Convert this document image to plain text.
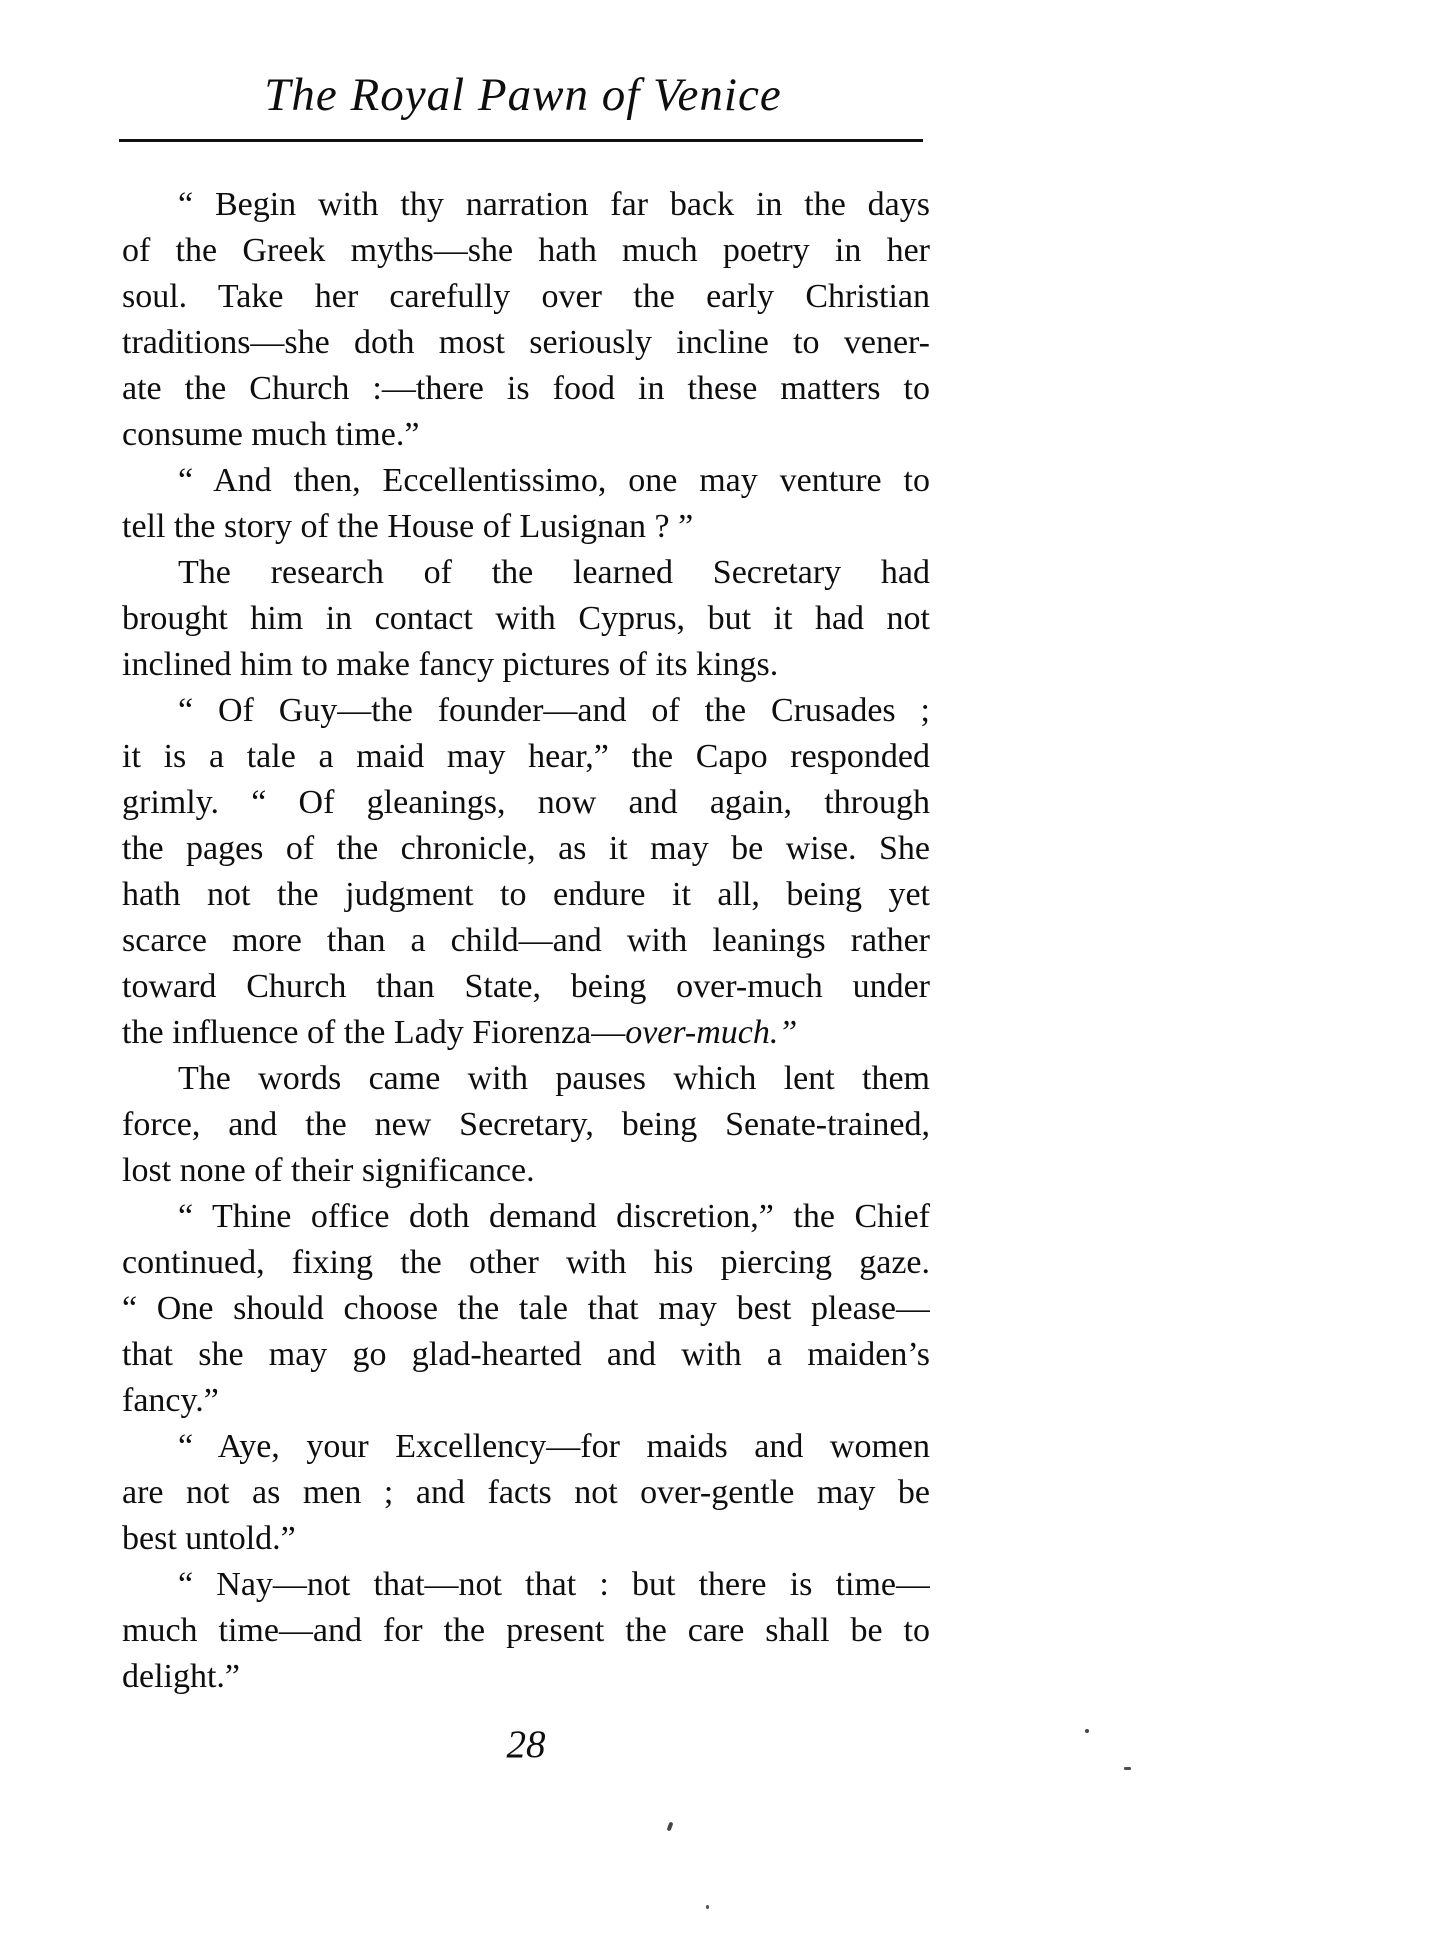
The Royal Pawn of Venice
“ Begin with thy narration far back in the days
of the Greek myths—she hath much poetry in her
soul. Take her carefully over the early Christian
traditions—she doth most seriously incline to vener-
ate the Church :—there is food in these matters to
consume much time.”
“ And then, Eccellentissimo, one may venture to
tell the story of the House of Lusignan ? ”
The research of the learned Secretary had
brought him in contact with Cyprus, but it had not
inclined him to make fancy pictures of its kings.
“ Of Guy—the founder—and of the Crusades ;
it is a tale a maid may hear,” the Capo responded
grimly. “ Of gleanings, now and again, through
the pages of the chronicle, as it may be wise. She
hath not the judgment to endure it all, being yet
scarce more than a child—and with leanings rather
toward Church than State, being over-much under
the influence of the Lady Fiorenza—over-much.”
The words came with pauses which lent them
force, and the new Secretary, being Senate-trained,
lost none of their significance.
“ Thine office doth demand discretion,” the Chief
continued, fixing the other with his piercing gaze.
“ One should choose the tale that may best please—
that she may go glad-hearted and with a maiden’s
fancy.”
“ Aye, your Excellency—for maids and women
are not as men ; and facts not over-gentle may be
best untold.”
“ Nay—not that—not that : but there is time—
much time—and for the present the care shall be to
delight.”
28
